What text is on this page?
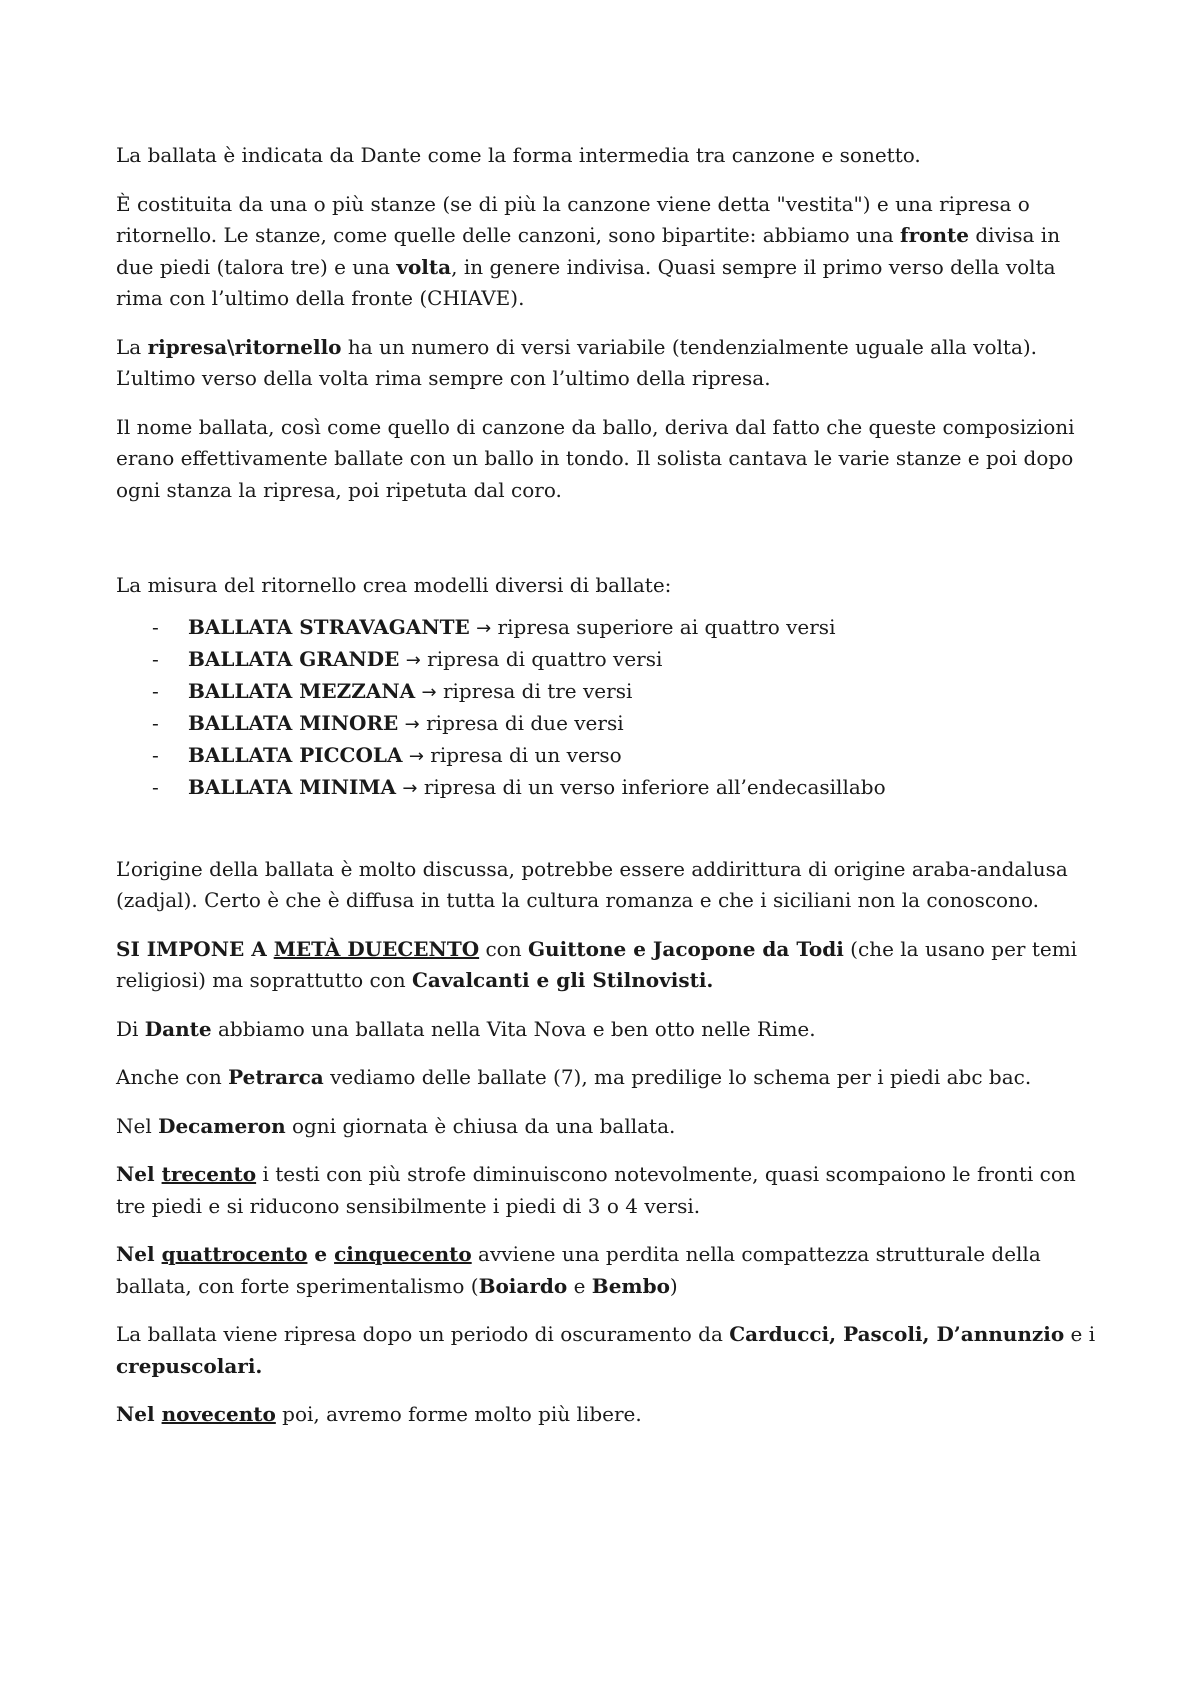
La ballata è indicata da Dante come la forma intermedia tra canzone e sonetto.

È costituita da una o più stanze (se di più la canzone viene detta "vestita") e una ripresa o ritornello. Le stanze, come quelle delle canzoni, sono bipartite: abbiamo una fronte divisa in due piedi (talora tre) e una volta, in genere indivisa. Quasi sempre il primo verso della volta rima con l’ultimo della fronte (CHIAVE).

La ripresa\ritornello ha un numero di versi variabile (tendenzialmente uguale alla volta). L’ultimo verso della volta rima sempre con l’ultimo della ripresa.

Il nome ballata, così come quello di canzone da ballo, deriva dal fatto che queste composizioni erano effettivamente ballate con un ballo in tondo. Il solista cantava le varie stanze e poi dopo ogni stanza la ripresa, poi ripetuta dal coro.

La misura del ritornello crea modelli diversi di ballate:

- BALLATA STRAVAGANTE → ripresa superiore ai quattro versi
- BALLATA GRANDE → ripresa di quattro versi
- BALLATA MEZZANA → ripresa di tre versi
- BALLATA MINORE → ripresa di due versi
- BALLATA PICCOLA → ripresa di un verso
- BALLATA MINIMA → ripresa di un verso inferiore all’endecasillabo

L’origine della ballata è molto discussa, potrebbe essere addirittura di origine araba-andalusa (zadjal). Certo è che è diffusa in tutta la cultura romanza e che i siciliani non la conoscono.

SI IMPONE A METÀ DUECENTO con Guittone e Jacopone da Todi (che la usano per temi religiosi) ma soprattutto con Cavalcanti e gli Stilnovisti.

Di Dante abbiamo una ballata nella Vita Nova e ben otto nelle Rime.

Anche con Petrarca vediamo delle ballate (7), ma predilige lo schema per i piedi abc bac.

Nel Decameron ogni giornata è chiusa da una ballata.

Nel trecento i testi con più strofe diminuiscono notevolmente, quasi scompaiono le fronti con tre piedi e si riducono sensibilmente i piedi di 3 o 4 versi.

Nel quattrocento e cinquecento avviene una perdita nella compattezza strutturale della ballata, con forte sperimentalismo (Boiardo e Bembo)

La ballata viene ripresa dopo un periodo di oscuramento da Carducci, Pascoli, D’annunzio e i crepuscolari.

Nel novecento poi, avremo forme molto più libere.
